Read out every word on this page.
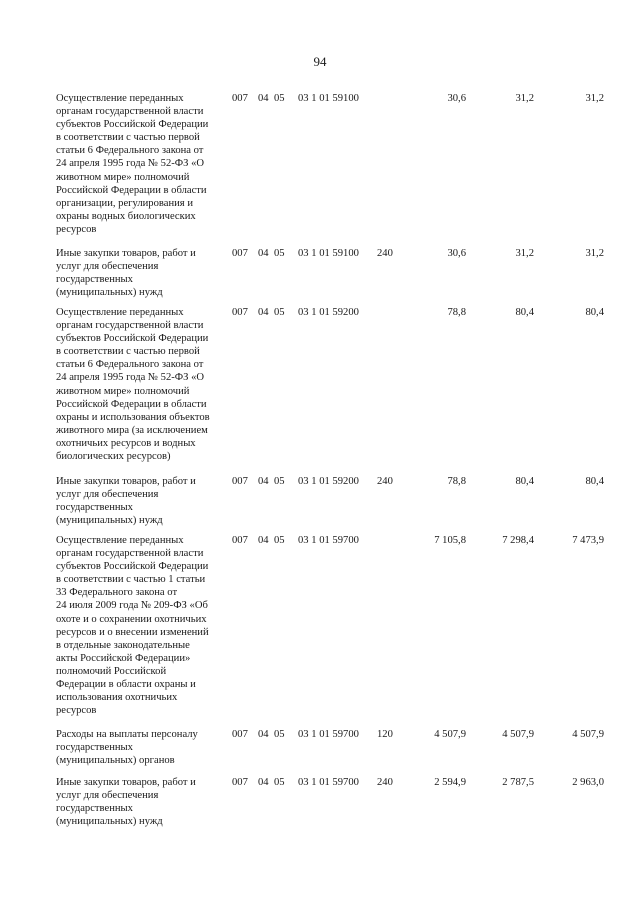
94
Осуществление переданных
органам государственной власти
субъектов Российской Федерации
в соответствии с частью первой
статьи 6 Федерального закона от
24 апреля 1995 года № 52-ФЗ «О
животном мире» полномочий
Российской Федерации в области
организации, регулирования и
охраны водных биологических
ресурсов
007 04 05 03 1 01 59100	30,6	31,2	31,2
Иные закупки товаров, работ и
услуг для обеспечения
государственных
(муниципальных) нужд
007 04 05 03 1 01 59100 240	30,6	31,2	31,2
Осуществление переданных
органам государственной власти
субъектов Российской Федерации
в соответствии с частью первой
статьи 6 Федерального закона от
24 апреля 1995 года № 52-ФЗ «О
животном мире» полномочий
Российской Федерации в области
охраны и использования объектов
животного мира (за исключением
охотничьих ресурсов и водных
биологических ресурсов)
007 04 05 03 1 01 59200	78,8	80,4	80,4
Иные закупки товаров, работ и
услуг для обеспечения
государственных
(муниципальных) нужд
007 04 05 03 1 01 59200 240	78,8	80,4	80,4
Осуществление переданных
органам государственной власти
субъектов Российской Федерации
в соответствии с частью 1 статьи
33 Федерального закона от
24 июля 2009 года № 209-ФЗ «Об
охоте и о сохранении охотничьих
ресурсов и о внесении изменений
в отдельные законодательные
акты Российской Федерации»
полномочий Российской
Федерации в области охраны и
использования охотничьих
ресурсов
007 04 05 03 1 01 59700	7 105,8	7 298,4	7 473,9
Расходы на выплаты персоналу
государственных
(муниципальных) органов
007 04 05 03 1 01 59700 120	4 507,9	4 507,9	4 507,9
Иные закупки товаров, работ и
услуг для обеспечения
государственных
(муниципальных) нужд
007 04 05 03 1 01 59700 240	2 594,9	2 787,5	2 963,0
